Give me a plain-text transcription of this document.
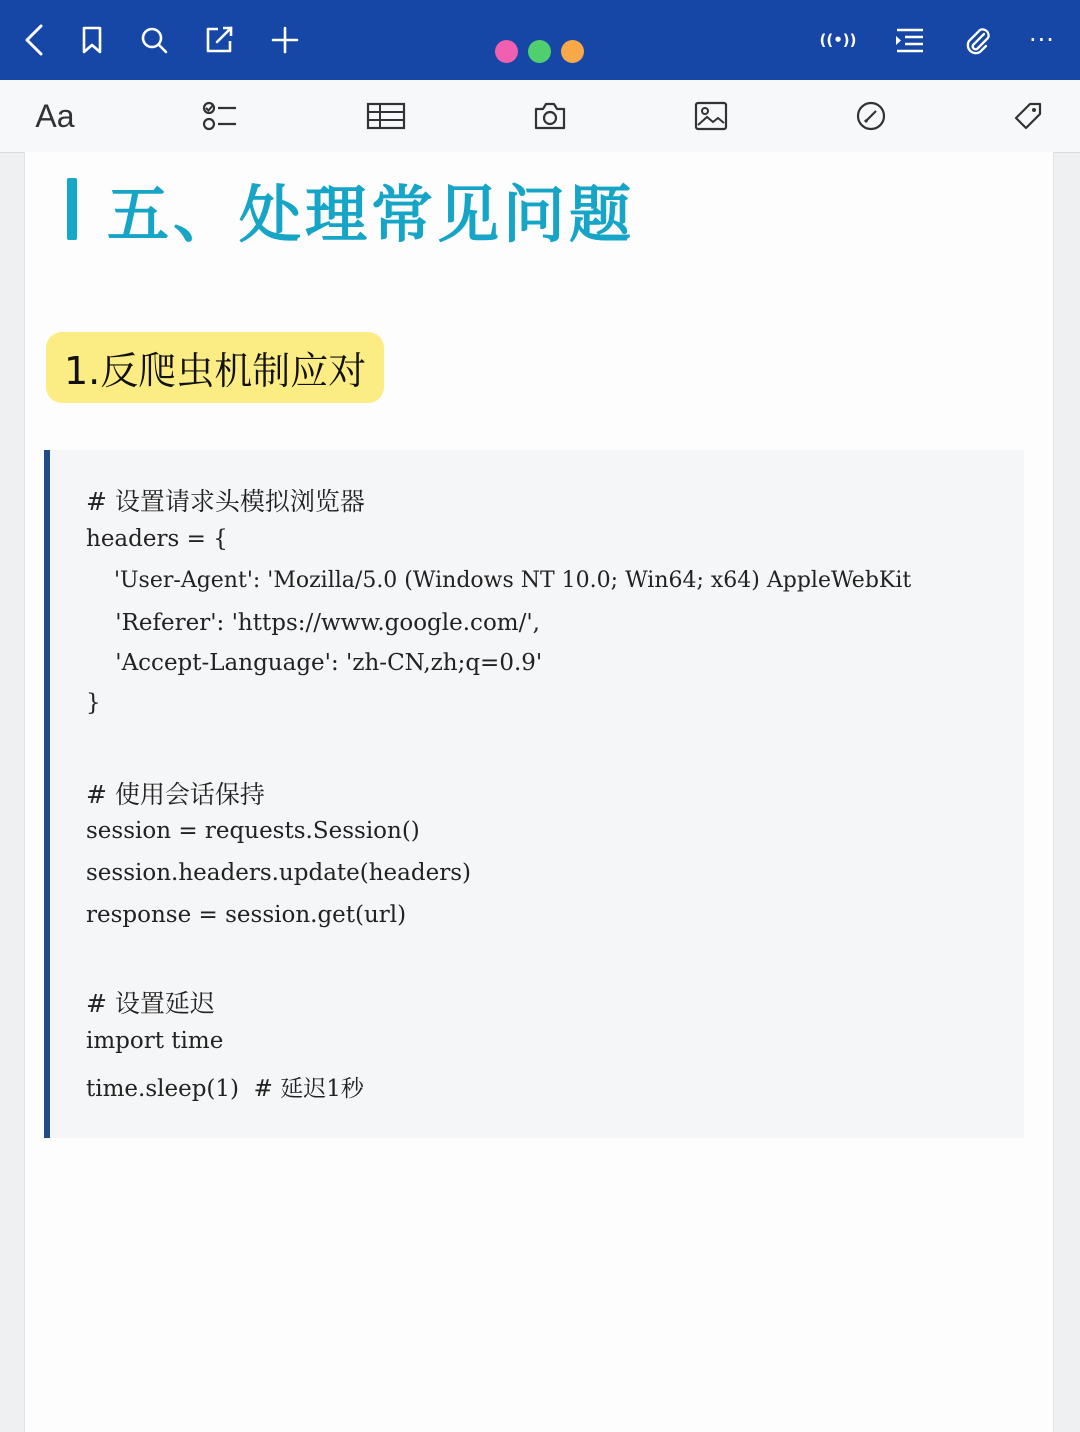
((•))	···
Aa
五、处理常见问题
1.反爬虫机制应对
# 设置请求头模拟浏览器
headers = {
'User-Agent': 'Mozilla/5.0 (Windows NT 10.0; Win64; x64) AppleWebKit
'Referer': 'https://www.google.com/',
'Accept-Language': 'zh-CN,zh;q=0.9'
}
# 使用会话保持
session = requests.Session()
session.headers.update(headers)
response = session.get(url)
# 设置延迟
import time
time.sleep(1)  # 延迟1秒
